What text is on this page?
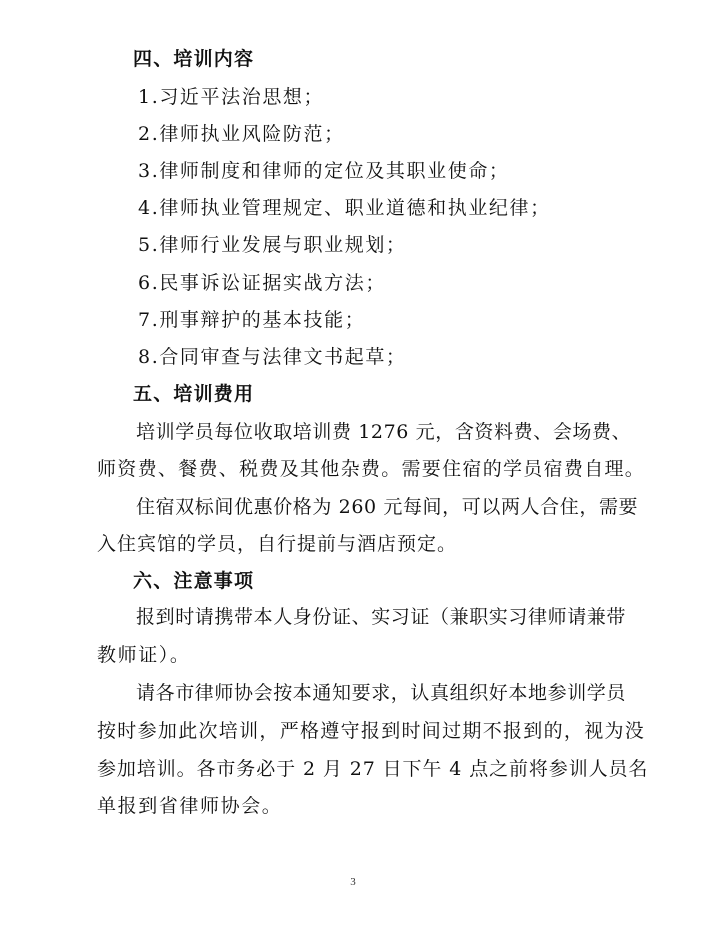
四、培训内容
1.习近平法治思想；
2.律师执业风险防范；
3.律师制度和律师的定位及其职业使命；
4.律师执业管理规定、职业道德和执业纪律；
5.律师行业发展与职业规划；
6.民事诉讼证据实战方法；
7.刑事辩护的基本技能；
8.合同审查与法律文书起草；
五、培训费用
培训学员每位收取培训费 1276 元，含资料费、会场费、
师资费、餐费、税费及其他杂费。需要住宿的学员宿费自理。
住宿双标间优惠价格为 260 元每间，可以两人合住，需要
入住宾馆的学员，自行提前与酒店预定。
六、注意事项
报到时请携带本人身份证、实习证（兼职实习律师请兼带
教师证）。
请各市律师协会按本通知要求，认真组织好本地参训学员
按时参加此次培训，严格遵守报到时间过期不报到的，视为没
参加培训。各市务必于 2 月 27 日下午 4 点之前将参训人员名
单报到省律师协会。
3
